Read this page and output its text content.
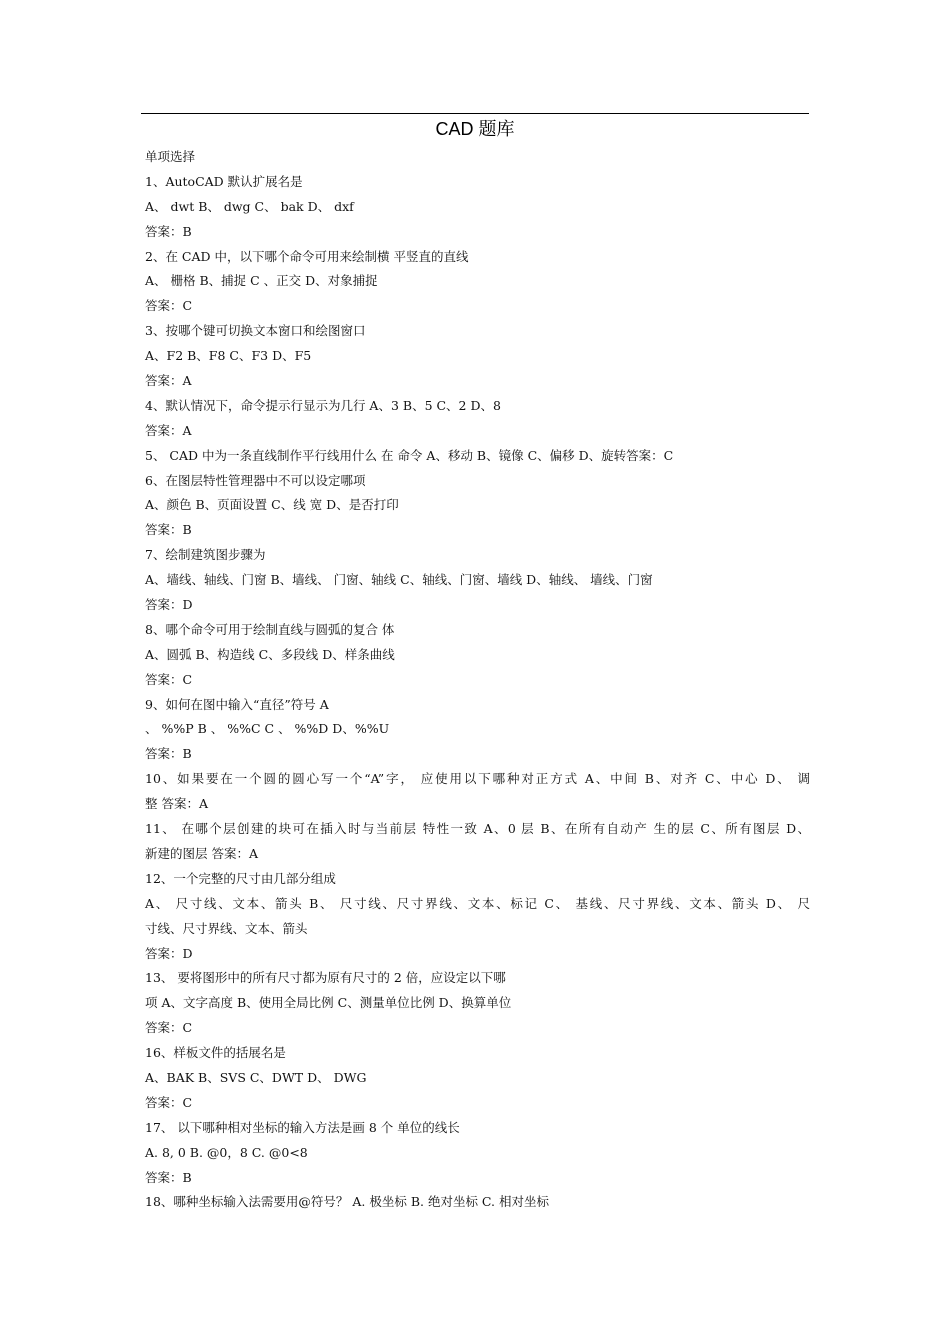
CAD 题库
单项选择
1、AutoCAD 默认扩展名是
A、 dwt B、 dwg C、 bak D、 dxf
答案：B
2、在 CAD 中，以下哪个命令可用来绘制横 平竖直的直线
A、 栅格 B、捕捉 C 、正交 D、对象捕捉
答案：C
3、按哪个键可切换文本窗口和绘图窗口
A、F2 B、F8 C、F3 D、F5
答案：A
4、默认情况下，命令提示行显示为几行 A、3 B、5 C、2 D、8
答案：A
5、 CAD 中为一条直线制作平行线用什么 在 命令 A、移动 B、镜像 C、偏移 D、旋转答案：C
6、在图层特性管理器中不可以设定哪项
A、颜色 B、页面设置 C、线 宽 D、是否打印
答案：B
7、绘制建筑图步骤为
A、墙线、轴线、门窗 B、墙线、 门窗、轴线 C、轴线、门窗、墙线 D、轴线、 墙线、门窗
答案：D
8、哪个命令可用于绘制直线与圆弧的复合 体
A、圆弧 B、构造线 C、多段线 D、样条曲线
答案：C
9、如何在图中输入“直径”符号 A
、 %%P B 、 %%C C 、 %%D D、%%U
答案：B
10、如果要在一个圆的圆心写一个“A”字， 应使用以下哪种对正方式 A、中间 B、对齐 C、中心 D、 调
整 答案：A
11、 在哪个层创建的块可在插入时与当前层 特性一致 A、0 层 B、在所有自动产 生的层 C、所有图层 D、
新建的图层 答案：A
12、一个完整的尺寸由几部分组成
A、 尺寸线、文本、箭头 B、 尺寸线、尺寸界线、文本、标记 C、 基线、尺寸界线、文本、箭头 D、 尺
寸线、尺寸界线、文本、箭头
答案：D
13、 要将图形中的所有尺寸都为原有尺寸的 2 倍，应设定以下哪
项 A、文字高度 B、使用全局比例 C、测量单位比例 D、换算单位
答案：C
16、样板文件的括展名是
A、BAK B、SVS C、DWT D、 DWG
答案：C
17、 以下哪种相对坐标的输入方法是画 8 个 单位的线长
A. 8, 0 B. @0，8 C. @0<8
答案：B
18、哪种坐标输入法需要用@符号？ A. 极坐标 B. 绝对坐标 C. 相对坐标
